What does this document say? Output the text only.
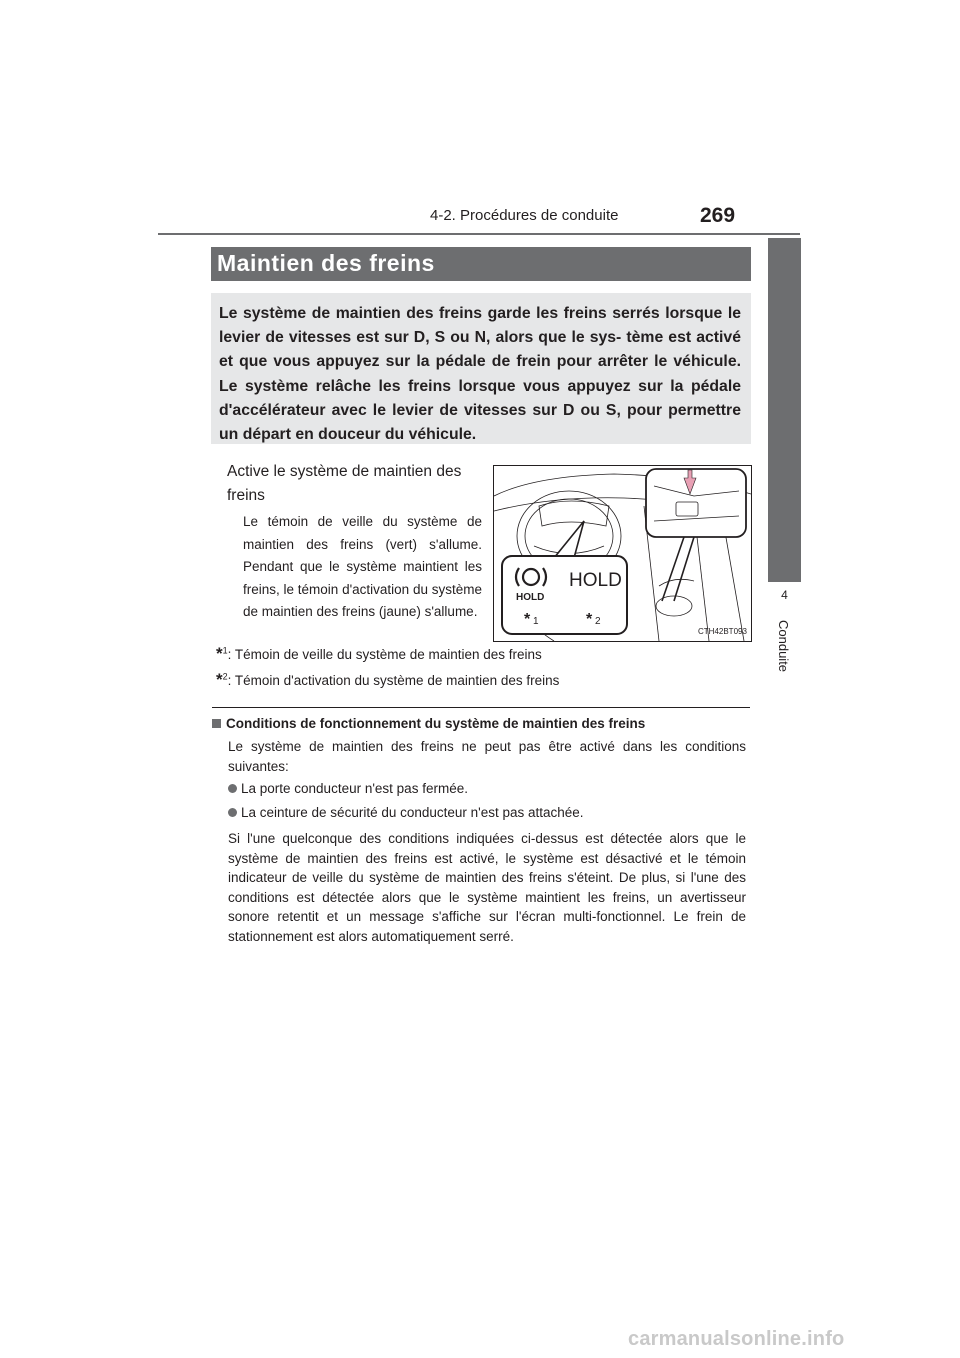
4-2. Procédures de conduite	269
4
Conduite
Maintien des freins

Le système de maintien des freins garde les freins serrés lorsque le levier de vitesses est sur D, S ou N, alors que le sys- tème est activé et que vous appuyez sur la pédale de frein pour arrêter le véhicule. Le système relâche les freins lorsque vous appuyez sur la pédale d'accélérateur avec le levier de vitesses sur D ou S, pour permettre un départ en douceur du véhicule.

Active le système de maintien des freins

Le témoin de veille du système de maintien des freins (vert) s'allume. Pendant que le système maintient les freins, le témoin d'activation du système de maintien des freins (jaune) s'allume.

HOLD
HOLD
* 1	* 2
CTH42BT093
*$^1$: Témoin de veille du système de maintien des freins
*$^2$: Témoin d'activation du système de maintien des freins
Conditions de fonctionnement du système de maintien des freins

Le système de maintien des freins ne peut pas être activé dans les conditions suivantes:

La porte conducteur n'est pas fermée.
La ceinture de sécurité du conducteur n'est pas attachée.

Si l'une quelconque des conditions indiquées ci-dessus est détectée alors que le système de maintien des freins est activé, le système est désactivé et le témoin indicateur de veille du système de maintien des freins s'éteint. De plus, si l'une des conditions est détectée alors que le système maintient les freins, un avertisseur sonore retentit et un message s'affiche sur l'écran multi-fonctionnel. Le frein de stationnement est alors automatiquement serré.

carmanualsonline.info
